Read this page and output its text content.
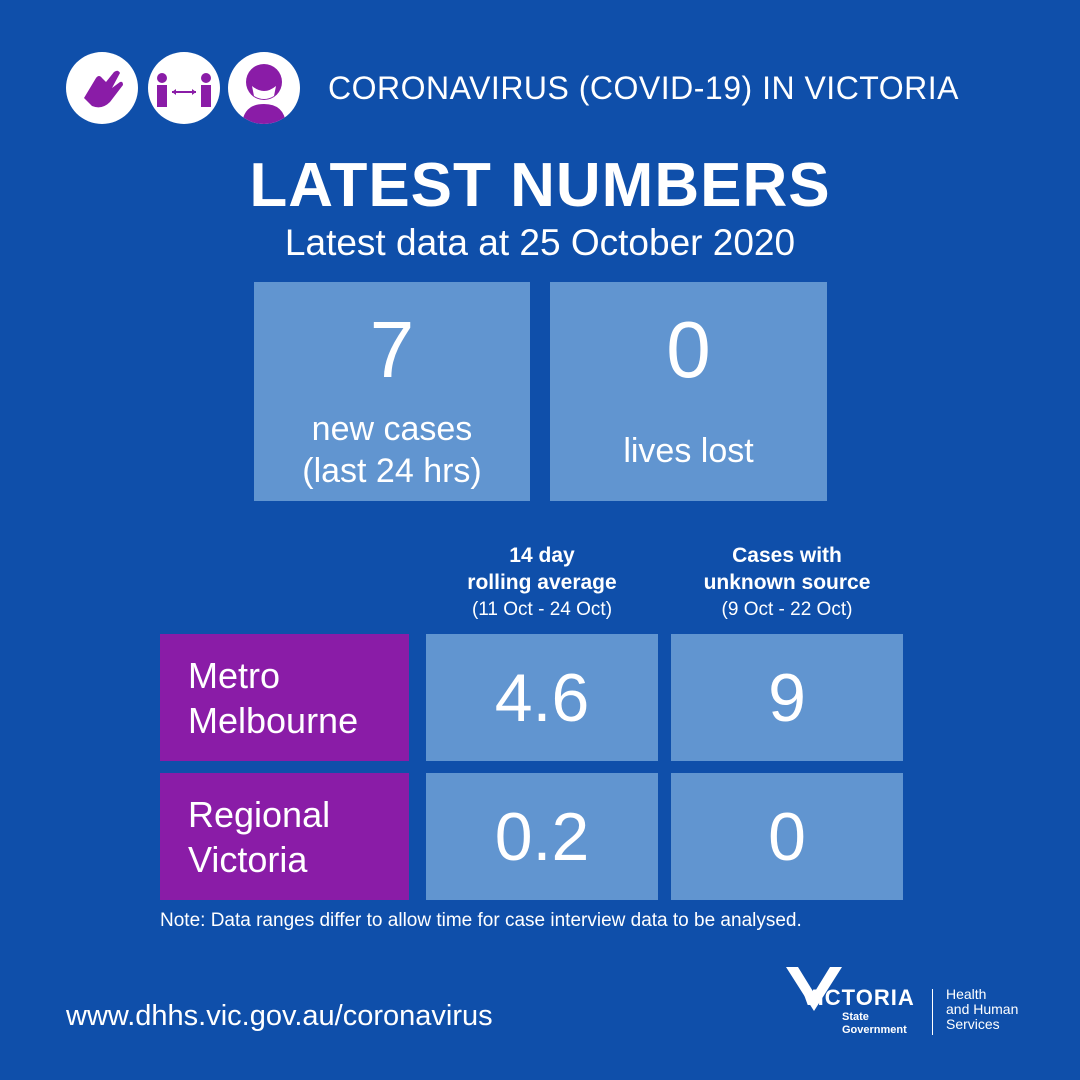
CORONAVIRUS (COVID-19) IN VICTORIA
LATEST NUMBERS
Latest data at 25 October 2020
7
new cases
(last 24 hrs)
0
lives lost
14 day
rolling average
(11 Oct - 24 Oct)
Cases with
unknown source
(9 Oct - 22 Oct)
Metro
Melbourne	4.6	9
Regional
Victoria	0.2	0
Note: Data ranges differ to allow time for case interview data to be analysed.
www.dhhs.vic.gov.au/coronavirus
VICTORIA
State
Government
Health
and Human
Services
